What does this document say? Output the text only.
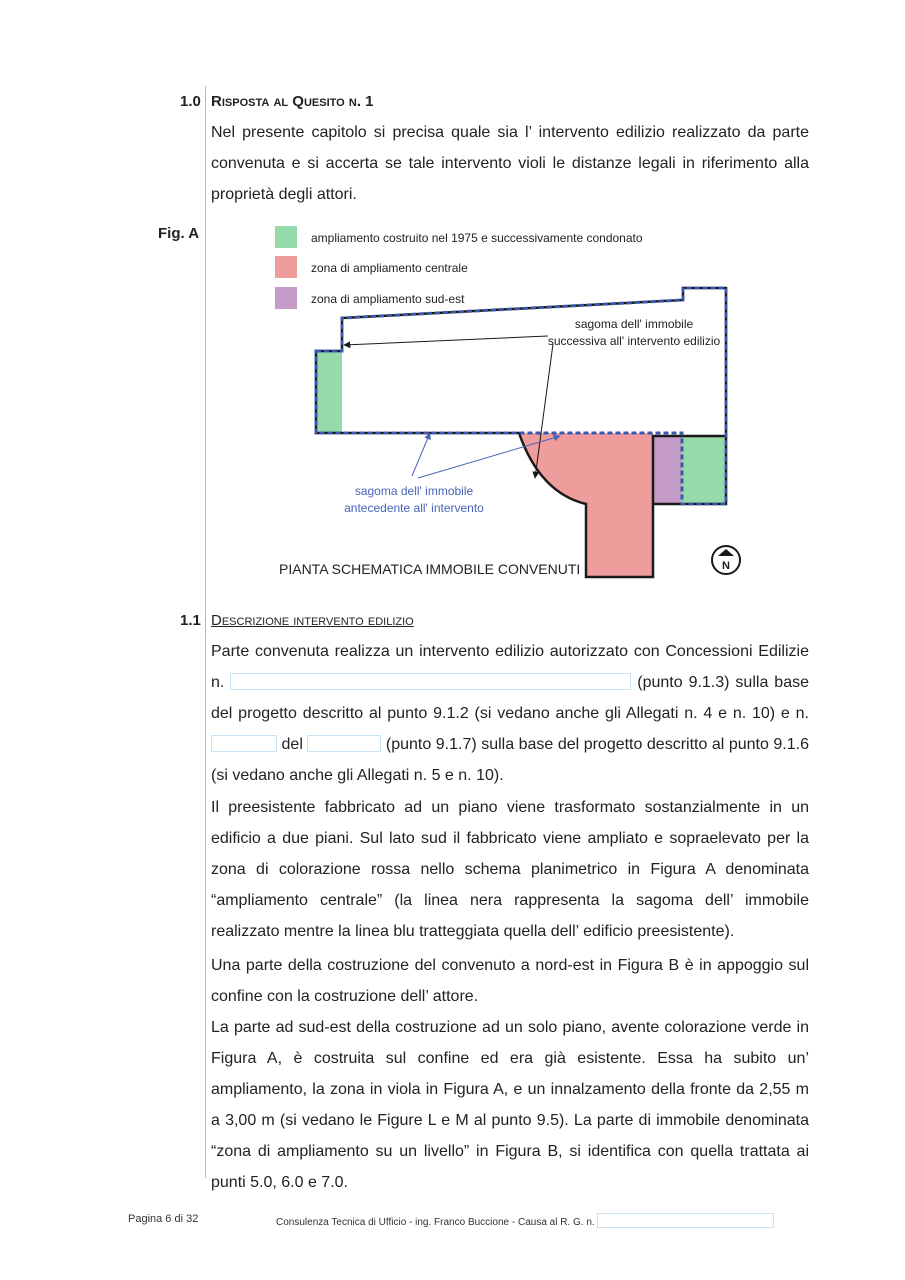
1.0 Risposta al Quesito n. 1

Nel presente capitolo si precisa quale sia l’ intervento edilizio realizzato da parte convenuta e si accerta se tale intervento violi le distanze legali in riferimento alla proprietà degli attori.

Fig. A	ampliamento costruito nel 1975 e successivamente condonato
zona di ampliamento centrale
zona di ampliamento sud-est
sagoma dell' immobile
successiva all' intervento edilizio
sagoma dell' immobile
antecedente all' intervento
PIANTA SCHEMATICA IMMOBILE CONVENUTI	N
1.1 Descrizione intervento edilizio

Parte convenuta realizza un intervento edilizio autorizzato con Concessioni Edilizie n.	(punto 9.1.3) sulla base del progetto descritto al punto 9.1.2 (si vedano anche gli Allegati n. 4 e n. 10) e n.  del	(punto 9.1.7) sulla base del progetto descritto al punto 9.1.6 (si vedano anche gli Allegati n. 5 e n. 10).

Il preesistente fabbricato ad un piano viene trasformato sostanzialmente in un edificio a due piani. Sul lato sud il fabbricato viene ampliato e sopraelevato per la zona di colorazione rossa nello schema planimetrico in Figura A denominata “ampliamento centrale” (la linea nera rappresenta la sagoma dell’ immobile realizzato mentre la linea blu tratteggiata quella dell’ edificio preesistente).

Una parte della costruzione del convenuto a nord-est in Figura B è in appoggio sul confine con la costruzione dell’ attore.

La parte ad sud-est della costruzione ad un solo piano, avente colorazione verde in Figura A, è costruita sul confine ed era già esistente. Essa ha subito un’ ampliamento, la zona in viola in Figura A, e un innalzamento della fronte da 2,55 m a 3,00 m (si vedano le Figure L e M al punto 9.5). La parte di immobile denominata “zona di ampliamento su un livello” in Figura B, si identifica con quella trattata ai punti 5.0, 6.0 e 7.0.

Pagina 6 di 32	Consulenza Tecnica di Ufficio - ing. Franco Buccione - Causa al R. G. n.
